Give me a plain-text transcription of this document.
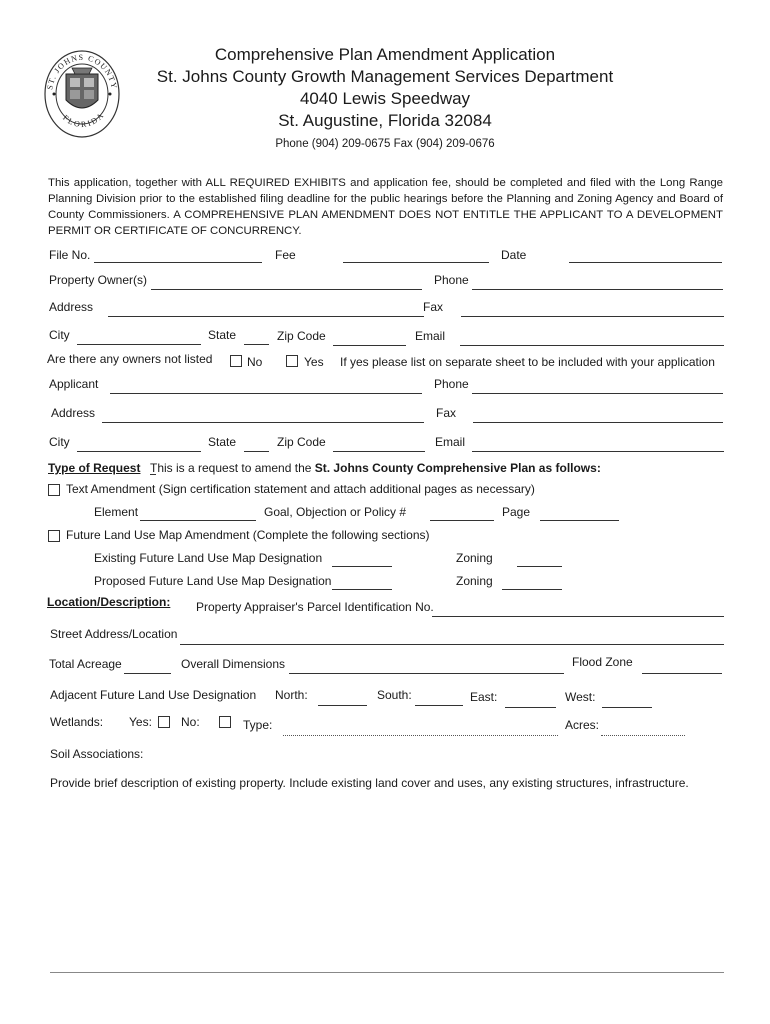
ST. JOHNS COUNTY
FLORIDA
Comprehensive Plan Amendment Application
St. Johns County Growth Management Services Department
4040 Lewis Speedway
St. Augustine, Florida 32084
Phone (904) 209-0675 Fax (904) 209-0676
This application, together with ALL REQUIRED EXHIBITS and application fee, should be completed and filed with the Long Range Planning Division prior to the established filing deadline for the public hearings before the Planning and Zoning Agency and Board of County Commissioners. A COMPREHENSIVE PLAN AMENDMENT DOES NOT ENTITLE THE APPLICANT TO A DEVELOPMENT PERMIT OR CERTIFICATE OF CONCURRENCY.
File No.	Fee	Date
Property Owner(s)	Phone
Address	Fax
City	State	Zip Code	Email
Are there any owners not listed	No	Yes If yes please list on separate sheet to be included with your application
Applicant	Phone
Address	Fax
City	State	Zip Code	Email
Type of Request This is a request to amend the St. Johns County Comprehensive Plan as follows:
Text Amendment (Sign certification statement and attach additional pages as necessary)
Element	Goal, Objection or Policy #	Page
Future Land Use Map Amendment (Complete the following sections)
Existing Future Land Use Map Designation	Zoning
Proposed Future Land Use Map Designation	Zoning
Location/Description: Property Appraiser's Parcel Identification No.
Street Address/Location
Total Acreage	Overall Dimensions	Flood Zone
Adjacent Future Land Use Designation North:	South:	East:	West:
Wetlands: Yes: No:	Type:	Acres:
Soil Associations:
Provide brief description of existing property. Include existing land cover and uses, any existing structures, infrastructure.
